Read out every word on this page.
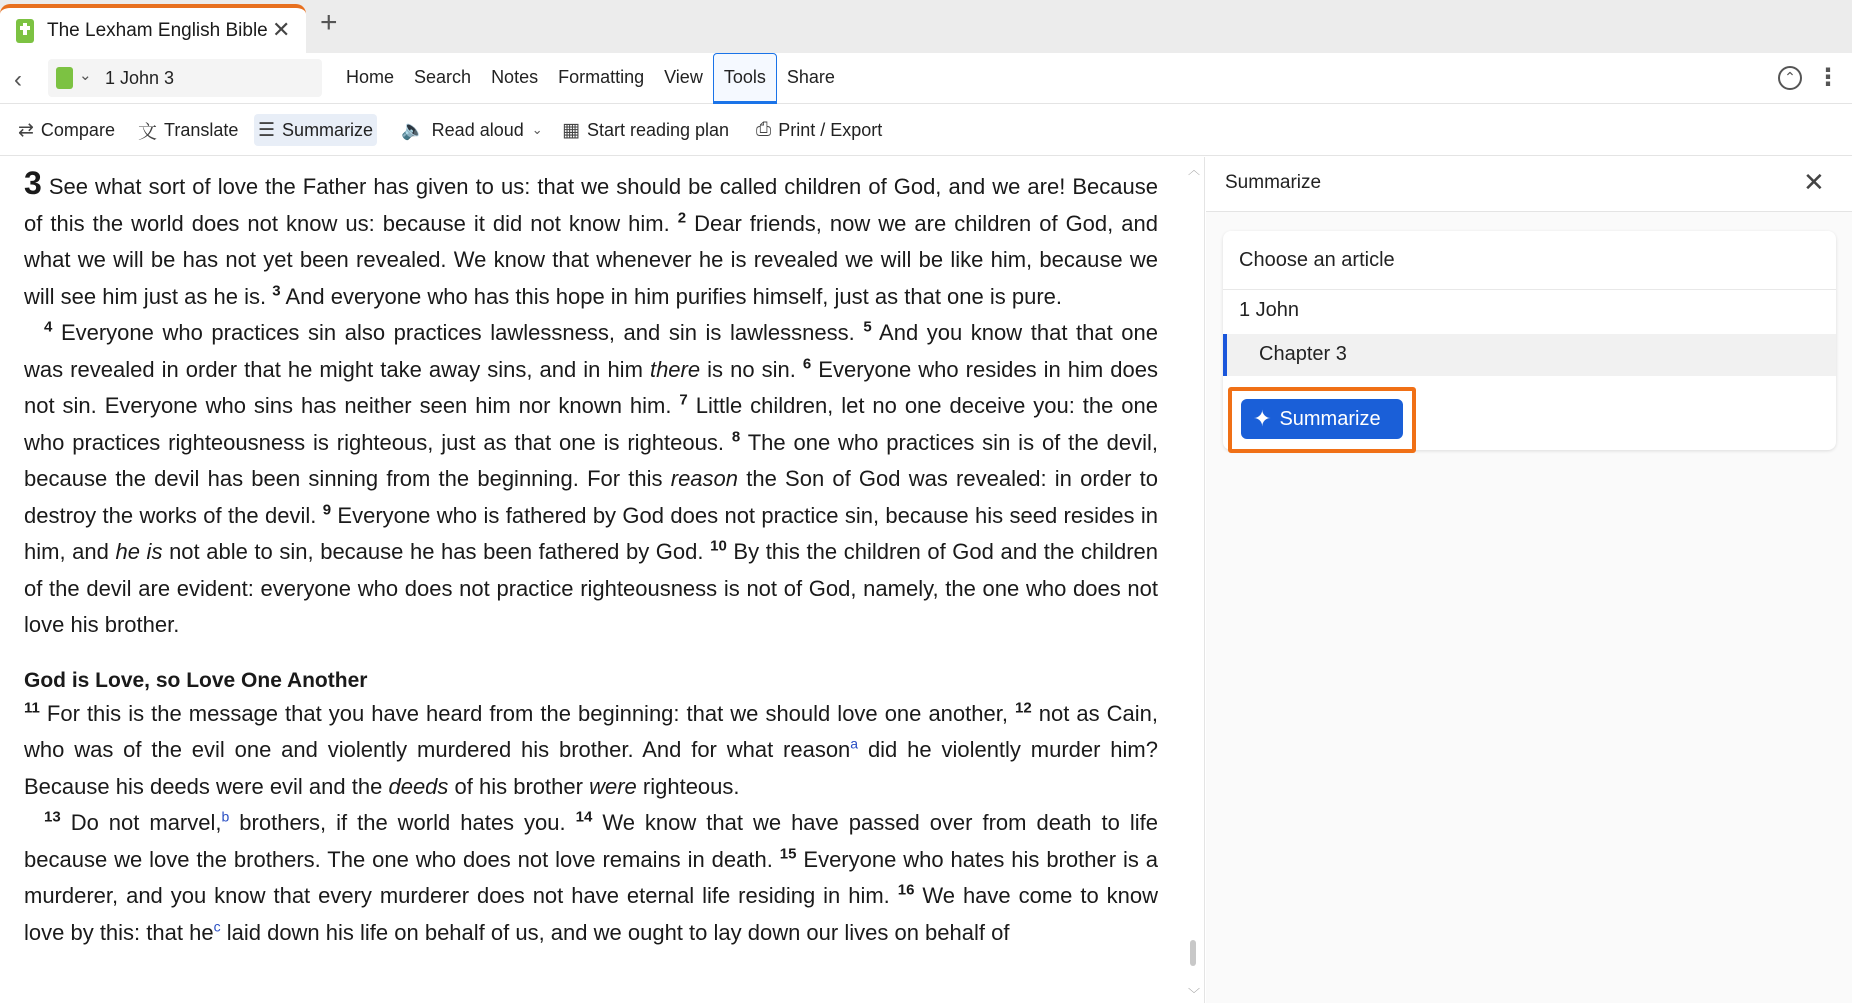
The Lexham English Bible ✕ +
‹	⌄ 1 John 3	Home	Search	Notes	Formatting	View	Tools	Share	⌃ ⋮
⇄ Compare 文 Translate ☰ Summarize 🔈 Read aloud ⌄ ▦ Start reading plan ⎙ Print / Export

3 See what sort of love the Father has given to us: that we should be called children of God, and we are! Because of this the world does not know us: because it did not know him. $^2$ Dear friends, now we are children of God, and what we will be has not yet been revealed. We know that whenever he is revealed we will be like him, because we will see him just as he is. $^3$ And everyone who has this hope in him purifies himself, just as that one is pure.

$^4$ Everyone who practices sin also practices lawlessness, and sin is lawlessness. $^5$ And you know that that one was revealed in order that he might take away sins, and in him there is no sin. $^6$ Everyone who resides in him does not sin. Everyone who sins has neither seen him nor known him. $^7$ Little children, let no one deceive you: the one who practices righteousness is righteous, just as that one is righteous. $^8$ The one who practices sin is of the devil, because the devil has been sinning from the beginning. For this reason the Son of God was revealed: in order to destroy the works of the devil. $^9$ Everyone who is fathered by God does not practice sin, because his seed resides in him, and he is not able to sin, because he has been fathered by God. $^{10}$ By this the children of God and the children of the devil are evident: everyone who does not practice righteousness is not of God, namely, the one who does not love his brother.

God is Love, so Love One Another

$^{11}$ For this is the message that you have heard from the beginning: that we should love one another, $^{12}$ not as Cain, who was of the evil one and violently murdered his brother. And for what reason$^a$ did he violently murder him? Because his deeds were evil and the deeds of his brother were righteous.

$^{13}$ Do not marvel,$^b$ brothers, if the world hates you. $^{14}$ We know that we have passed over from death to life because we love the brothers. The one who does not love remains in death. $^{15}$ Everyone who hates his brother is a murderer, and you know that every murderer does not have eternal life residing in him. $^{16}$ We have come to know love by this: that he$^c$ laid down his life on behalf of us, and we ought to lay down our lives on behalf of

︿
﹀
Summarize	✕
Choose an article
1 John
Chapter 3
✦ Summarize
